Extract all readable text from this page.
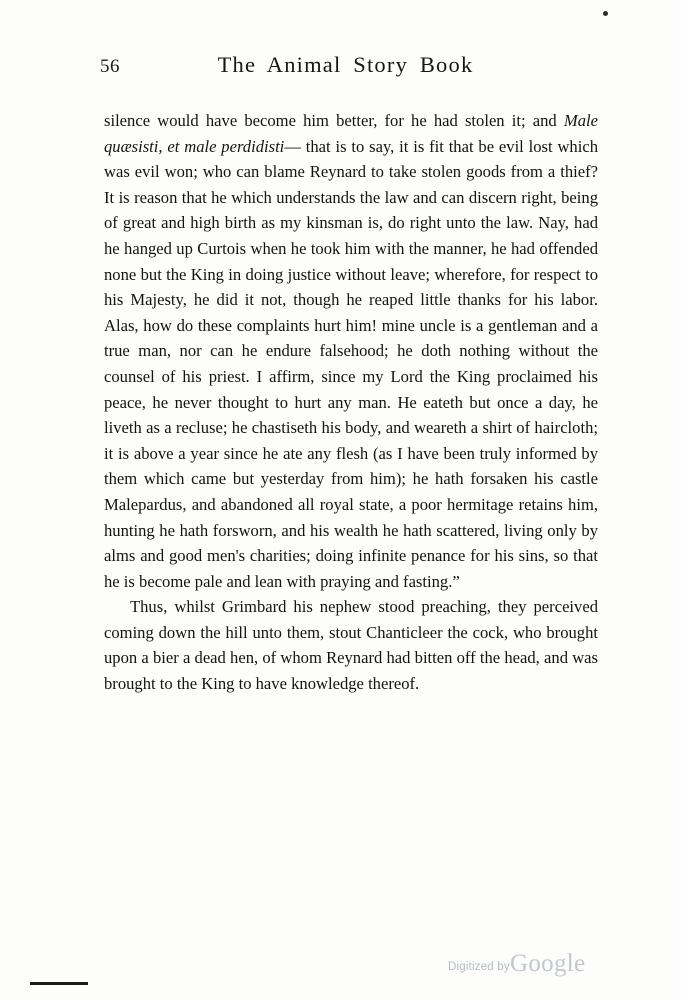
56	The Animal Story Book

silence would have become him better, for he had stolen it; and Male quæsisti, et male perdidisti— that is to say, it is fit that be evil lost which was evil won; who can blame Reynard to take stolen goods from a thief? It is reason that he which understands the law and can discern right, being of great and high birth as my kinsman is, do right unto the law. Nay, had he hanged up Curtois when he took him with the manner, he had offended none but the King in doing justice without leave; wherefore, for respect to his Majesty, he did it not, though he reaped little thanks for his labor. Alas, how do these complaints hurt him! mine uncle is a gentleman and a true man, nor can he endure falsehood; he doth nothing without the counsel of his priest. I affirm, since my Lord the King proclaimed his peace, he never thought to hurt any man. He eateth but once a day, he liveth as a recluse; he chastiseth his body, and weareth a shirt of haircloth; it is above a year since he ate any flesh (as I have been truly informed by them which came but yesterday from him); he hath forsaken his castle Malepardus, and abandoned all royal state, a poor hermitage retains him, hunting he hath forsworn, and his wealth he hath scattered, living only by alms and good men's charities; doing infinite penance for his sins, so that he is become pale and lean with praying and fasting.”

Thus, whilst Grimbard his nephew stood preaching, they perceived coming down the hill unto them, stout Chanticleer the cock, who brought upon a bier a dead hen, of whom Reynard had bitten off the head, and was brought to the King to have knowledge thereof.

Digitized by Google
